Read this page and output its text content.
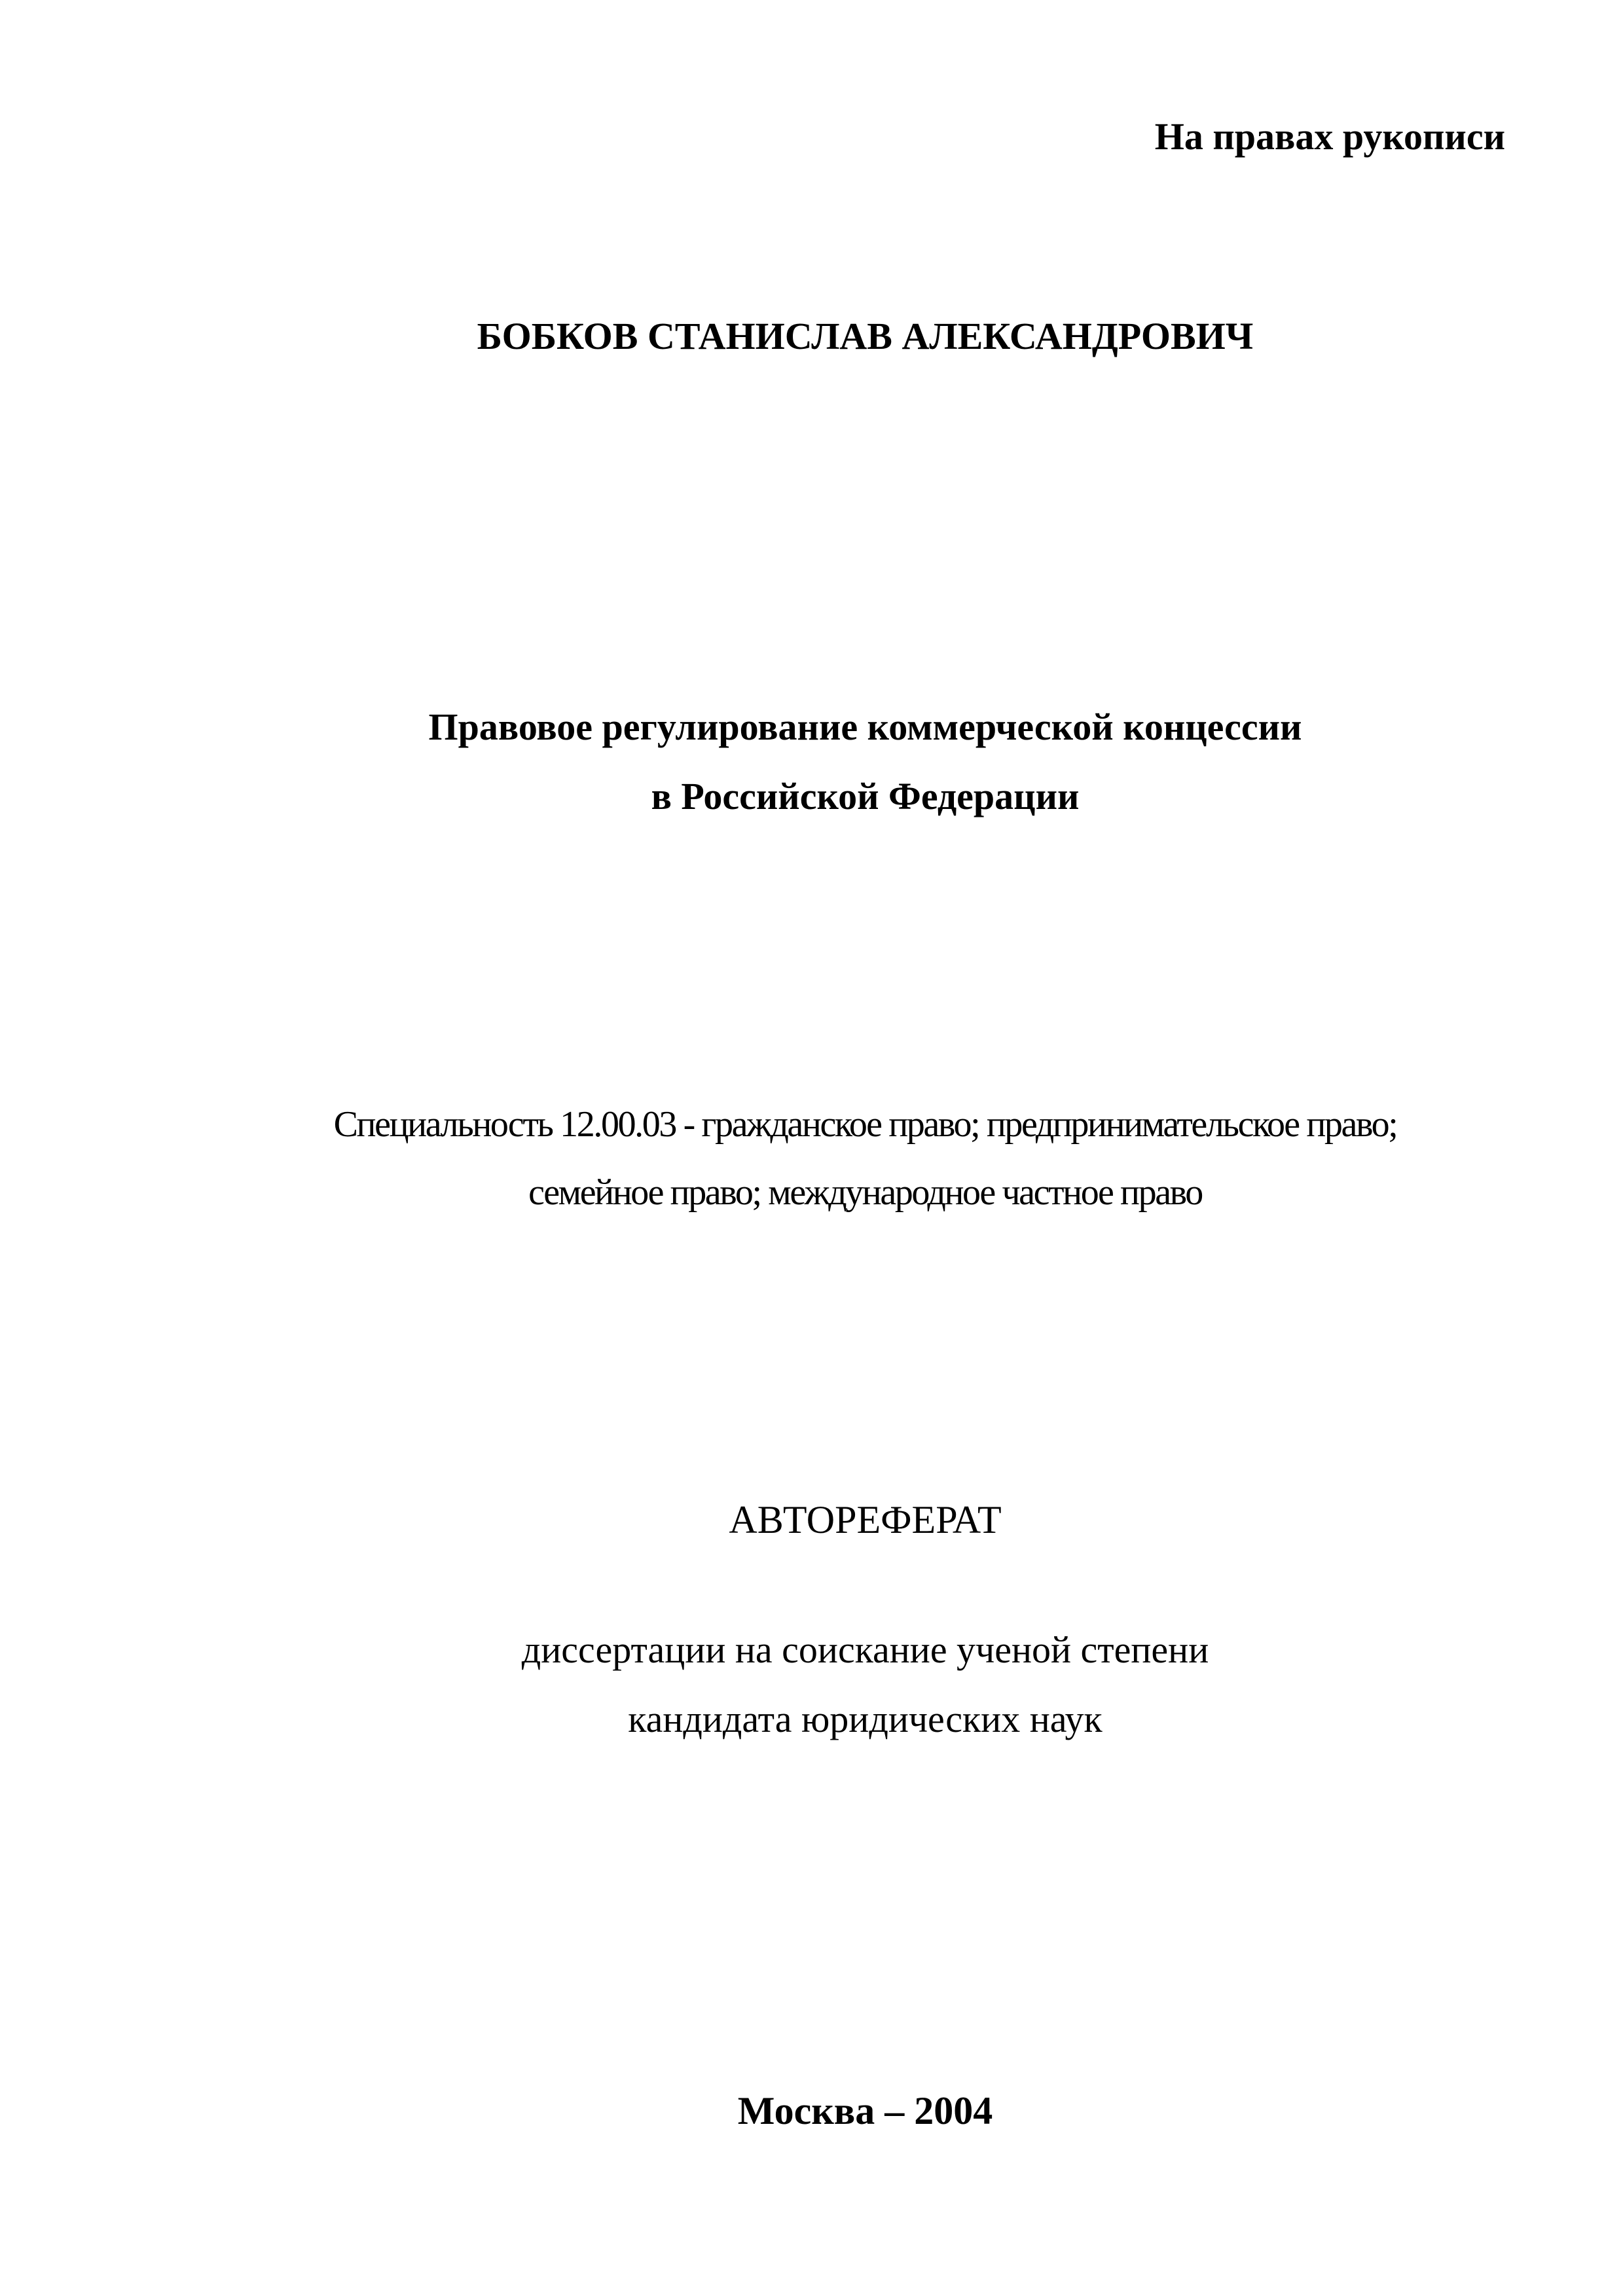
На правах рукописи
БОБКОВ СТАНИСЛАВ АЛЕКСАНДРОВИЧ
Правовое регулирование коммерческой концессии
в Российской Федерации
Специальность 12.00.03 - гражданское право; предпринимательское право;
семейное право; международное частное право
АВТОРЕФЕРАТ
диссертации на соискание ученой степени
кандидата юридических наук
Москва – 2004
